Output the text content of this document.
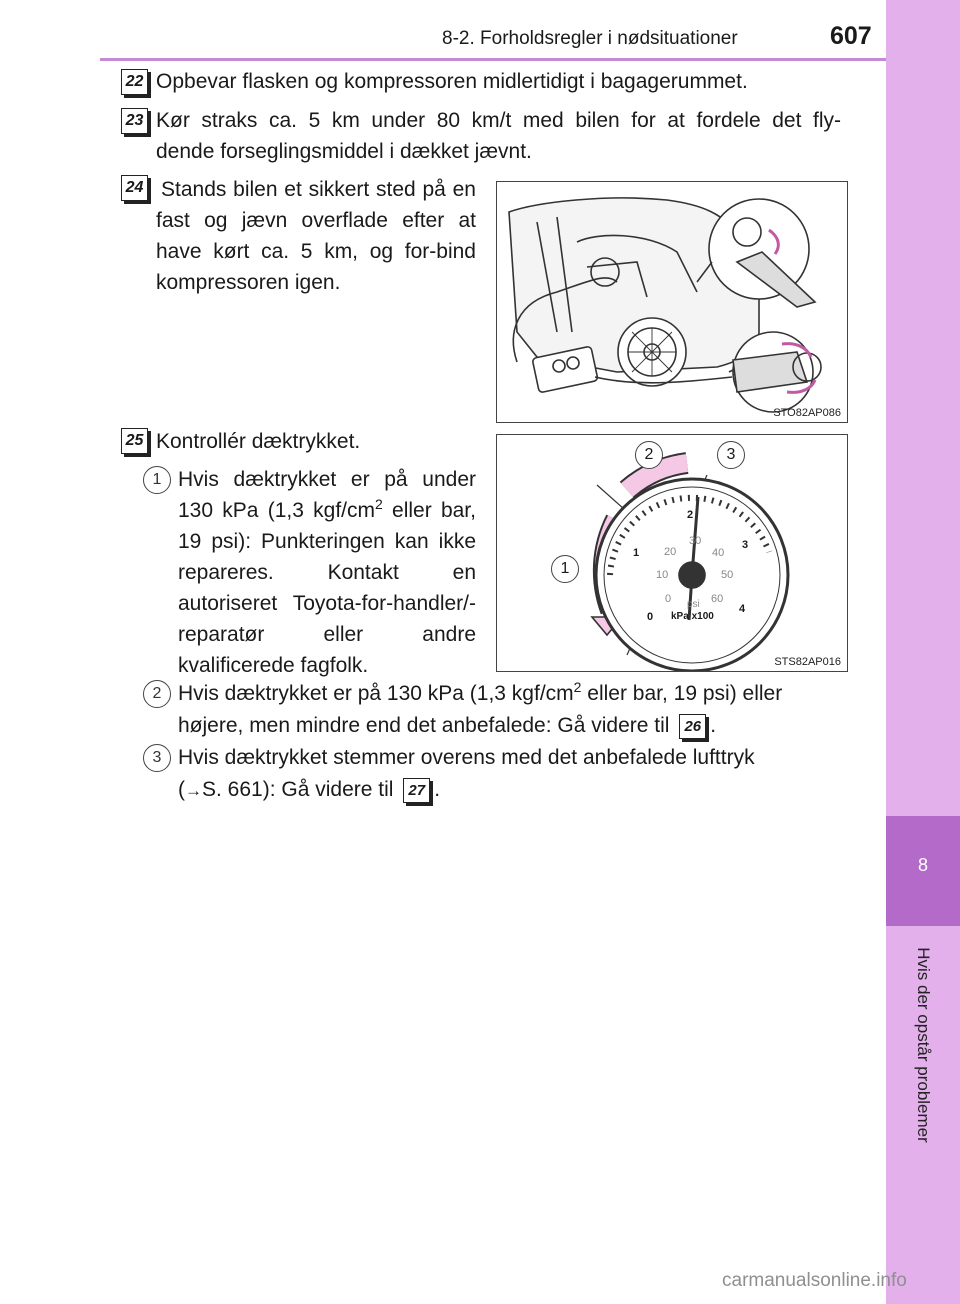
8-2. Forholdsregler i nødsituationer	607
8
Hvis der opstår problemer
22 Opbevar flasken og kompressoren midlertidigt i bagagerummet.
23 Kør straks ca. 5 km under 80 km/t med bilen for at fordele det fly-
dende forseglingsmiddel i dækket jævnt.
24 Stands bilen et sikkert sted på en fast og jævn overflade efter at have kørt ca. 5 km, og for-bind kompressoren igen.
STO82AP086
25 Kontrollér dæktrykket.
1
2	3
0
1
2
3
4
0
10
20
30
40
50
60
psi
kPa x100
STS82AP016
1 Hvis dæktrykket er på under 130 kPa (1,3 kgf/$cm^2$ eller bar, 19 psi): Punkteringen kan ikke repareres. Kontakt en autoriseret Toyota-for-handler/-reparatør eller andre kvalificerede fagfolk.
2 Hvis dæktrykket er på 130 kPa (1,3 kgf/$cm^2$ eller bar, 19 psi) eller
højere, men mindre end det anbefalede: Gå videre til 26 .
3 Hvis dæktrykket stemmer overens med det anbefalede lufttryk
(→S. 661): Gå videre til 27 .
carmanualsonline.info
